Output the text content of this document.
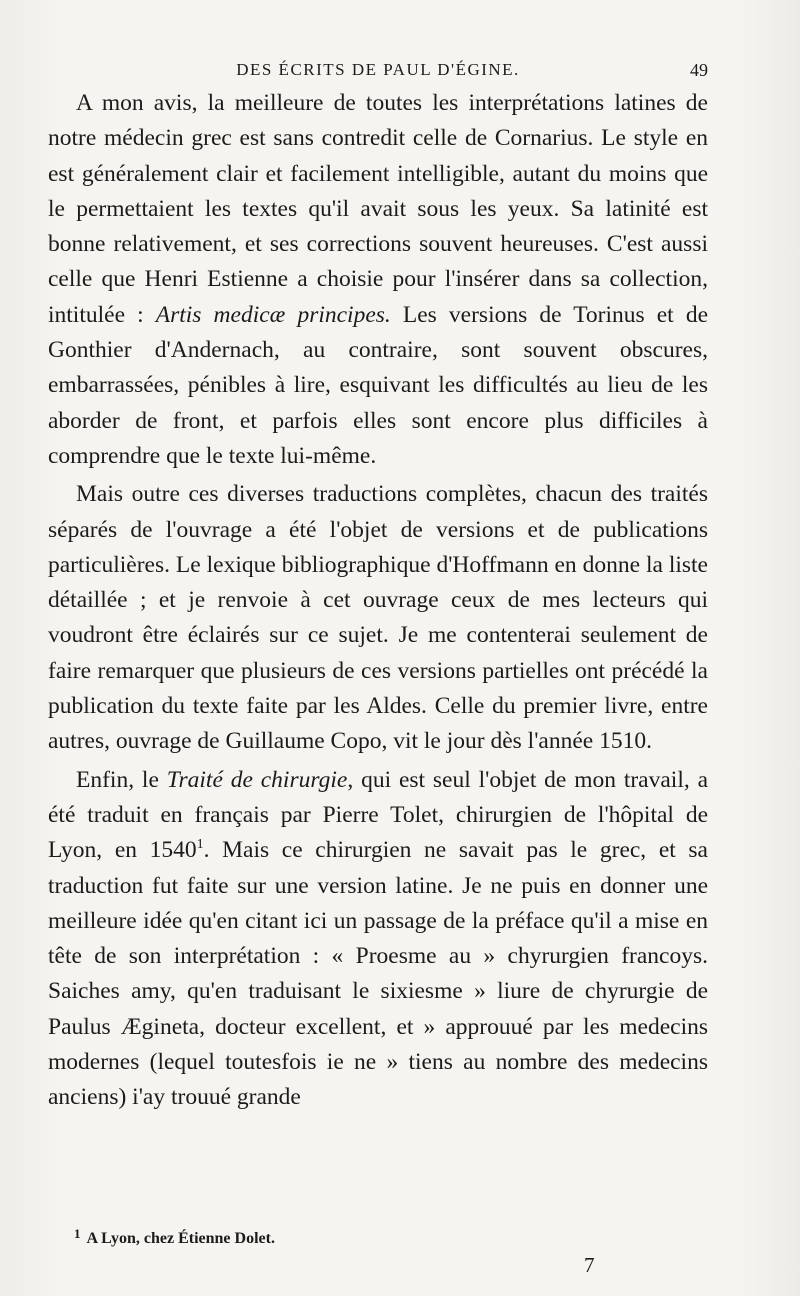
DES ÉCRITS DE PAUL D'ÉGINE.	49

A mon avis, la meilleure de toutes les interprétations latines de notre médecin grec est sans contredit celle de Cornarius. Le style en est généralement clair et facilement intelligible, autant du moins que le permettaient les textes qu'il avait sous les yeux. Sa latinité est bonne relativement, et ses corrections souvent heureuses. C'est aussi celle que Henri Estienne a choisie pour l'insérer dans sa collection, intitulée : Artis medicæ principes. Les versions de Torinus et de Gonthier d'Andernach, au contraire, sont souvent obscures, embarrassées, pénibles à lire, esquivant les difficultés au lieu de les aborder de front, et parfois elles sont encore plus difficiles à comprendre que le texte lui-même.

Mais outre ces diverses traductions complètes, chacun des traités séparés de l'ouvrage a été l'objet de versions et de publications particulières. Le lexique bibliographique d'Hoffmann en donne la liste détaillée ; et je renvoie à cet ouvrage ceux de mes lecteurs qui voudront être éclairés sur ce sujet. Je me contenterai seulement de faire remarquer que plusieurs de ces versions partielles ont précédé la publication du texte faite par les Aldes. Celle du premier livre, entre autres, ouvrage de Guillaume Copo, vit le jour dès l'année 1510.

Enfin, le Traité de chirurgie, qui est seul l'objet de mon travail, a été traduit en français par Pierre Tolet, chirurgien de l'hôpital de Lyon, en 1540$^1$. Mais ce chirurgien ne savait pas le grec, et sa traduction fut faite sur une version latine. Je ne puis en donner une meilleure idée qu'en citant ici un passage de la préface qu'il a mise en tête de son interprétation : « Proesme au » chyrurgien francoys. Saiches amy, qu'en traduisant le sixiesme » liure de chyrurgie de Paulus Ægineta, docteur excellent, et » approuué par les medecins modernes (lequel toutesfois ie ne » tiens au nombre des medecins anciens) i'ay trouué grande

$^1$ A Lyon, chez Étienne Dolet.
7
